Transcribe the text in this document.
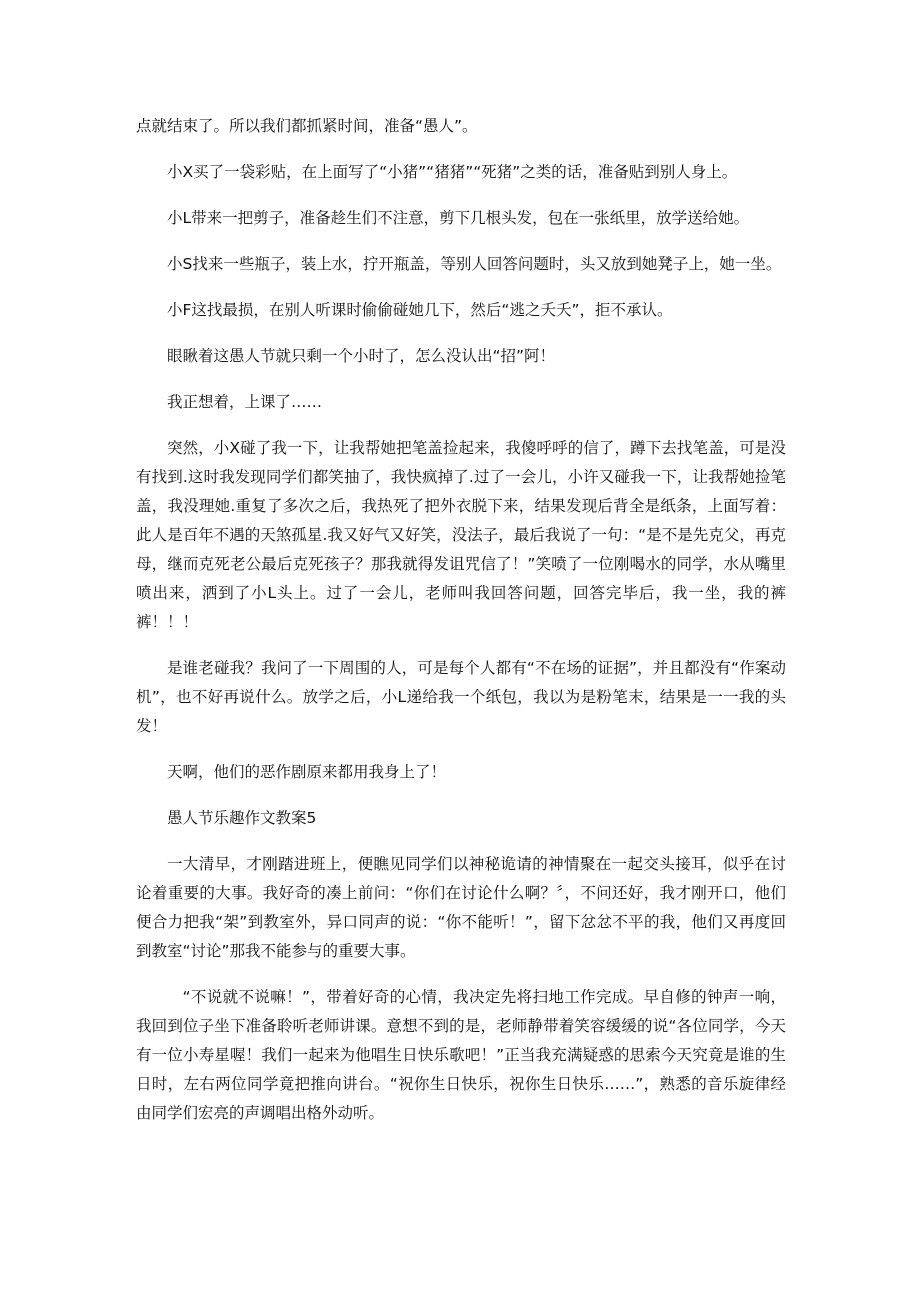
点就结束了。所以我们都抓紧时间，准备“愚人”。

小X买了一袋彩贴，在上面写了“小猪”“猪猪”“死猪”之类的话，准备贴到别人身上。

小L带来一把剪子，准备趁生们不注意，剪下几根头发，包在一张纸里，放学送给她。

小S找来一些瓶子，装上水，拧开瓶盖，等别人回答问题时，头又放到她凳子上，她一坐。

小F这找最损，在别人听课时偷偷碰她几下，然后“逃之夭夭”，拒不承认。

眼瞅着这愚人节就只剩一个小时了，怎么没认出“招”阿！

我正想着，上课了……

突然，小X碰了我一下，让我帮她把笔盖捡起来，我傻呼呼的信了，蹲下去找笔盖，可是没有找到.这时我发现同学们都笑抽了，我快疯掉了.过了一会儿，小许又碰我一下，让我帮她捡笔盖，我没理她.重复了多次之后，我热死了把外衣脱下来，结果发现后背全是纸条，上面写着：此人是百年不遇的天煞孤星.我又好气又好笑，没法子，最后我说了一句：“是不是先克父，再克母，继而克死老公最后克死孩子？那我就得发诅咒信了！”笑喷了一位刚喝水的同学，水从嘴里喷出来，洒到了小L头上。过了一会儿，老师叫我回答问题，回答完毕后，我一坐，我的裤裤！！！

是谁老碰我？我问了一下周围的人，可是每个人都有“不在场的证据”，并且都没有“作案动机”，也不好再说什么。放学之后，小L递给我一个纸包，我以为是粉笔末，结果是一一我的头发！

天啊，他们的恶作剧原来都用我身上了！

愚人节乐趣作文教案5

一大清早，才刚踏进班上，便瞧见同学们以神秘诡请的神情聚在一起交头接耳，似乎在讨论着重要的大事。我好奇的凑上前问：“你们在讨论什么啊？〞，不问还好，我才刚开口，他们便合力把我“架”到教室外，异口同声的说：“你不能听！”，留下忿忿不平的我，他们又再度回到教室“讨论”那我不能参与的重要大事。

“不说就不说嘛！”，带着好奇的心情，我决定先将扫地工作完成。早自修的钟声一响，我回到位子坐下准备聆听老师讲课。意想不到的是，老师静带着笑容缓缓的说“各位同学，今天有一位小寿星喔！我们一起来为他唱生日快乐歌吧！”正当我充满疑惑的思索今天究竟是谁的生日时，左右两位同学竟把推向讲台。“祝你生日快乐，祝你生日快乐……”，熟悉的音乐旋律经由同学们宏亮的声调唱出格外动听。
